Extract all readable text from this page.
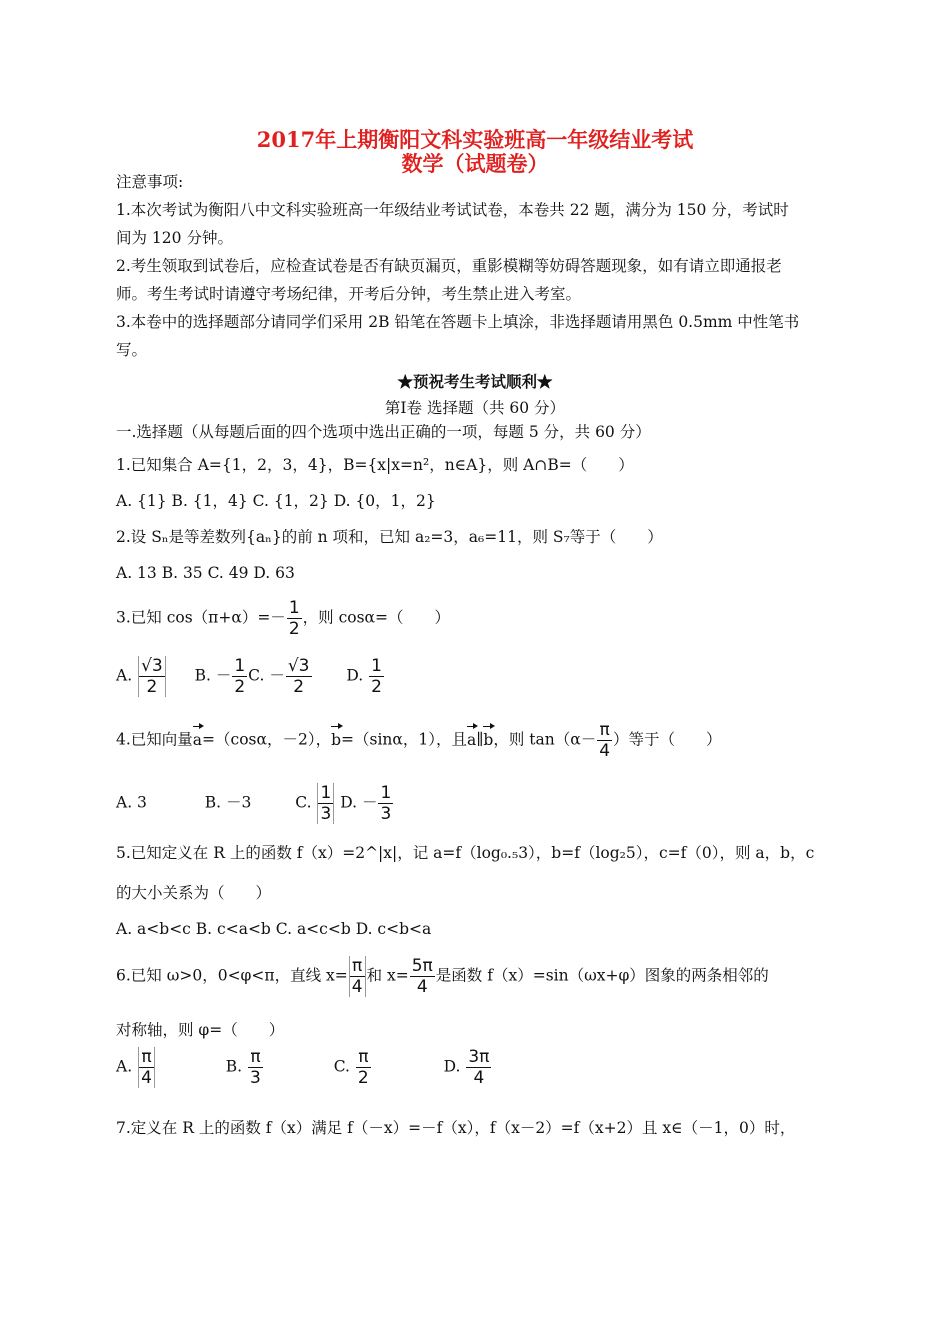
2017年上期衡阳文科实验班高一年级结业考试
数学（试题卷）
注意事项:
1.本次考试为衡阳八中文科实验班高一年级结业考试试卷，本卷共 22 题，满分为 150 分，考试时
间为 120 分钟。
2.考生领取到试卷后，应检查试卷是否有缺页漏页，重影模糊等妨碍答题现象，如有请立即通报老
师。考生考试时请遵守考场纪律，开考后分钟，考生禁止进入考室。
3.本卷中的选择题部分请同学们采用 2B 铅笔在答题卡上填涂，非选择题请用黑色 0.5mm 中性笔书
写。
★预祝考生考试顺利★
第Ⅰ卷 选择题（共 60 分）
一.选择题（从每题后面的四个选项中选出正确的一项，每题 5 分，共 60 分）
1.已知集合 A={1，2，3，4}，B={x|x=n²，n∈A}，则 A∩B=（　　）
A. {1} B. {1，4} C. {1，2} D. {0，1，2}
2.设 Sₙ是等差数列{aₙ}的前 n 项和，已知 a₂=3，a₆=11，则 S₇等于（　　）
A. 13 B. 35 C. 49 D. 63
3.已知 $\cos(\pi+\alpha)=- \frac{1}{2}$ ，则 cosα=（　　）
A. $\frac{√3}{2} B$. － $\frac{1}{2} C$. － $\frac{√3}{2} D$. $\frac{1}{2}$
4.已知向量a=（cosα，－2），b=（sinα，1），且a∥b，则 $\tan(\alpha- \frac{\pi}{4}$ ）等于（　　）
A. 3	B. －3	C. $\frac{1}{3} D$. － $\frac{1}{3}$
5.已知定义在 R 上的函数 f（x）=2^|x|，记 a=f（log₀.₅3），b=f（log₂5），c=f（0），则 a，b，c
的大小关系为（　　）
A. a<b<c B. c<a<b C. a<c<b D. c<b<a
6.已知 ω>0，0<φ<π，直线 $x= \frac{\pi}{4}$ 和 $x= \frac{5\pi}{4}$ 是函数 f（x）=sin（ωx+φ）图象的两条相邻的
对称轴，则 φ=（　　）
A. $\frac{\pi}{4}$	B. $\frac{\pi}{3}$	C. $\frac{\pi}{2}$	D. $\frac{3\pi}{4}$
7.定义在 R 上的函数 f（x）满足 f（－x）=－f（x），f（x－2）=f（x+2）且 x∈（－1，0）时，
